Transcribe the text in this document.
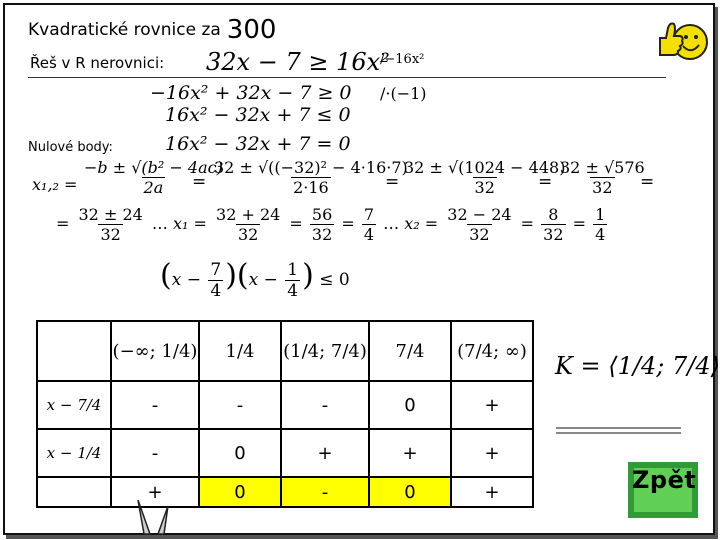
Kvadratické rovnice za 300
Řeš v R nerovnici: 32x − 7 ≥ 16x²
/−16x²
−16x² + 32x − 7 ≥ 0 /·(−1)
16x² − 32x + 7 ≤ 0
Nulové body:	16x² − 32x + 7 = 0
$x_1,_2 = \frac{\text{−b ± √(b² − 4ac)}}{2a}$
= $\frac{\text{32 ± √((−32)² − 4·16·7)}}{2\cdot 16}$
= $\frac{32 \pm √(1024 - 448)}{32}$
= $\frac{32 \pm √576}{32}$
=
= $\frac{32 \pm 24}{32}$ … $x_1 = \frac{32 + 24}{32} = \frac{56}{32} = \frac{7}{4}$ … $x_2 = \frac{32 - 24}{32} = \frac{8}{32} = \frac{1}{4}$
$(x - \frac{7}{4} )(x - \frac{1}{4}$ ) ≤ 0
	(−∞; 1/4)	1/4	(1/4; 7/4)	7/4	(7/4; ∞)
x − 7/4	-	-	-	0	+
x − 1/4	-	0	+	+	+
	+	0	-	0	+
K = ⟨1/4; 7/4⟩
Zpět
